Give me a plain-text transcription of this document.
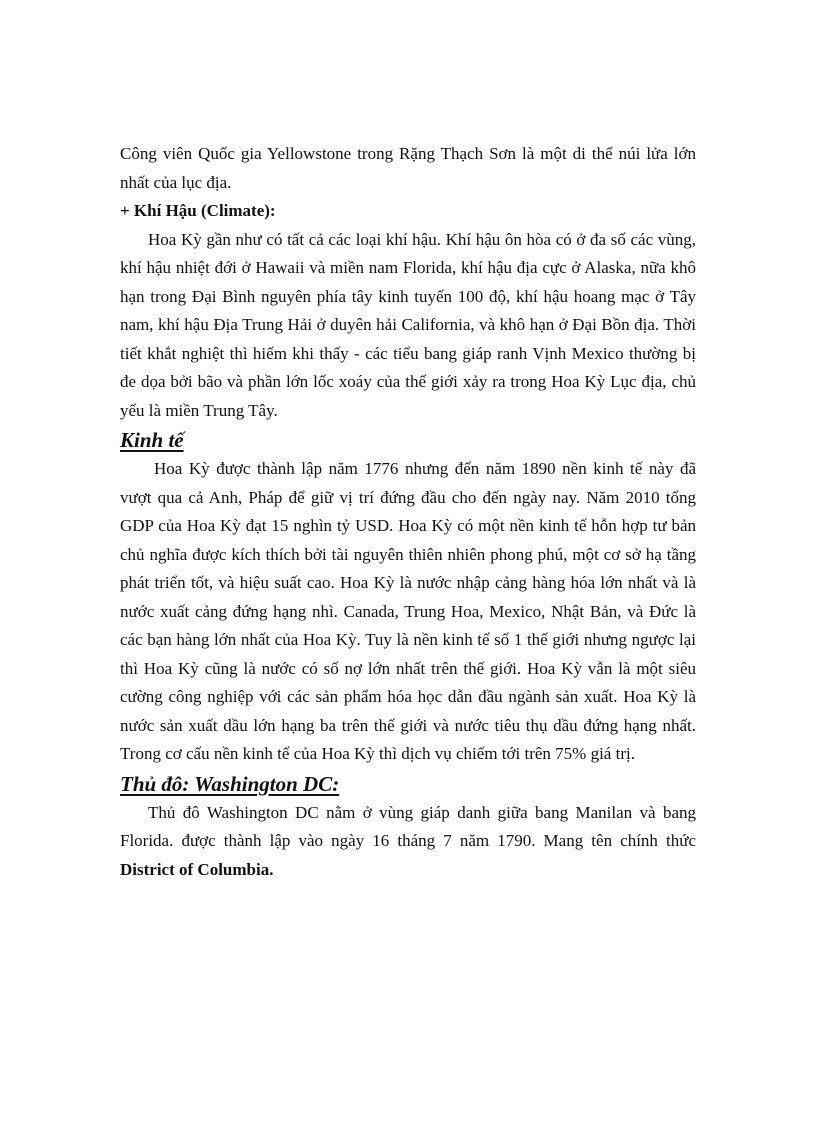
Công viên Quốc gia Yellowstone trong Rặng Thạch Sơn là một di thể núi lửa lớn nhất của lục địa.

+ Khí Hậu (Climate):

Hoa Kỳ gần như có tất cả các loại khí hậu. Khí hậu ôn hòa có ở đa số các vùng, khí hậu nhiệt đới ở Hawaii và miền nam Florida, khí hậu địa cực ở Alaska, nữa khô hạn trong Đại Bình nguyên phía tây kinh tuyến 100 độ, khí hậu hoang mạc ở Tây nam, khí hậu Địa Trung Hải ở duyên hải California, và khô hạn ở Đại Bồn địa. Thời tiết khắt nghiệt thì hiếm khi thấy - các tiểu bang giáp ranh Vịnh Mexico thường bị đe dọa bởi bão và phần lớn lốc xoáy của thế giới xảy ra trong Hoa Kỳ Lục địa, chủ yếu là miền Trung Tây.

Kinh tế

Hoa Kỳ được thành lập năm 1776 nhưng đến năm 1890 nền kinh tế này đã vượt qua cả Anh, Pháp để giữ vị trí đứng đầu cho đến ngày nay. Năm 2010 tổng GDP của Hoa Kỳ đạt 15 nghìn tỷ USD. Hoa Kỳ có một nền kinh tế hỗn hợp tư bản chủ nghĩa được kích thích bởi tài nguyên thiên nhiên phong phú, một cơ sở hạ tầng phát triển tốt, và hiệu suất cao. Hoa Kỳ là nước nhập cảng hàng hóa lớn nhất và là nước xuất cảng đứng hạng nhì. Canada, Trung Hoa, Mexico, Nhật Bản, và Đức là các bạn hàng lớn nhất của Hoa Kỳ. Tuy là nền kinh tế số 1 thế giới nhưng ngược lại thì Hoa Kỳ cũng là nước có số nợ lớn nhất trên thế giới. Hoa Kỳ vẫn là một siêu cường công nghiệp với các sản phẩm hóa học dẫn đầu ngành sản xuất. Hoa Kỳ là nước sản xuất dầu lớn hạng ba trên thế giới và nước tiêu thụ dầu đứng hạng nhất. Trong cơ cấu nền kinh tế của Hoa Kỳ thì dịch vụ chiếm tới trên 75% giá trị.

Thủ đô: Washington DC:

Thủ đô Washington DC nằm ở vùng giáp danh giữa bang Manilan và bang Florida. được thành lập vào ngày 16 tháng 7 năm 1790. Mang tên chính thức District of Columbia.
